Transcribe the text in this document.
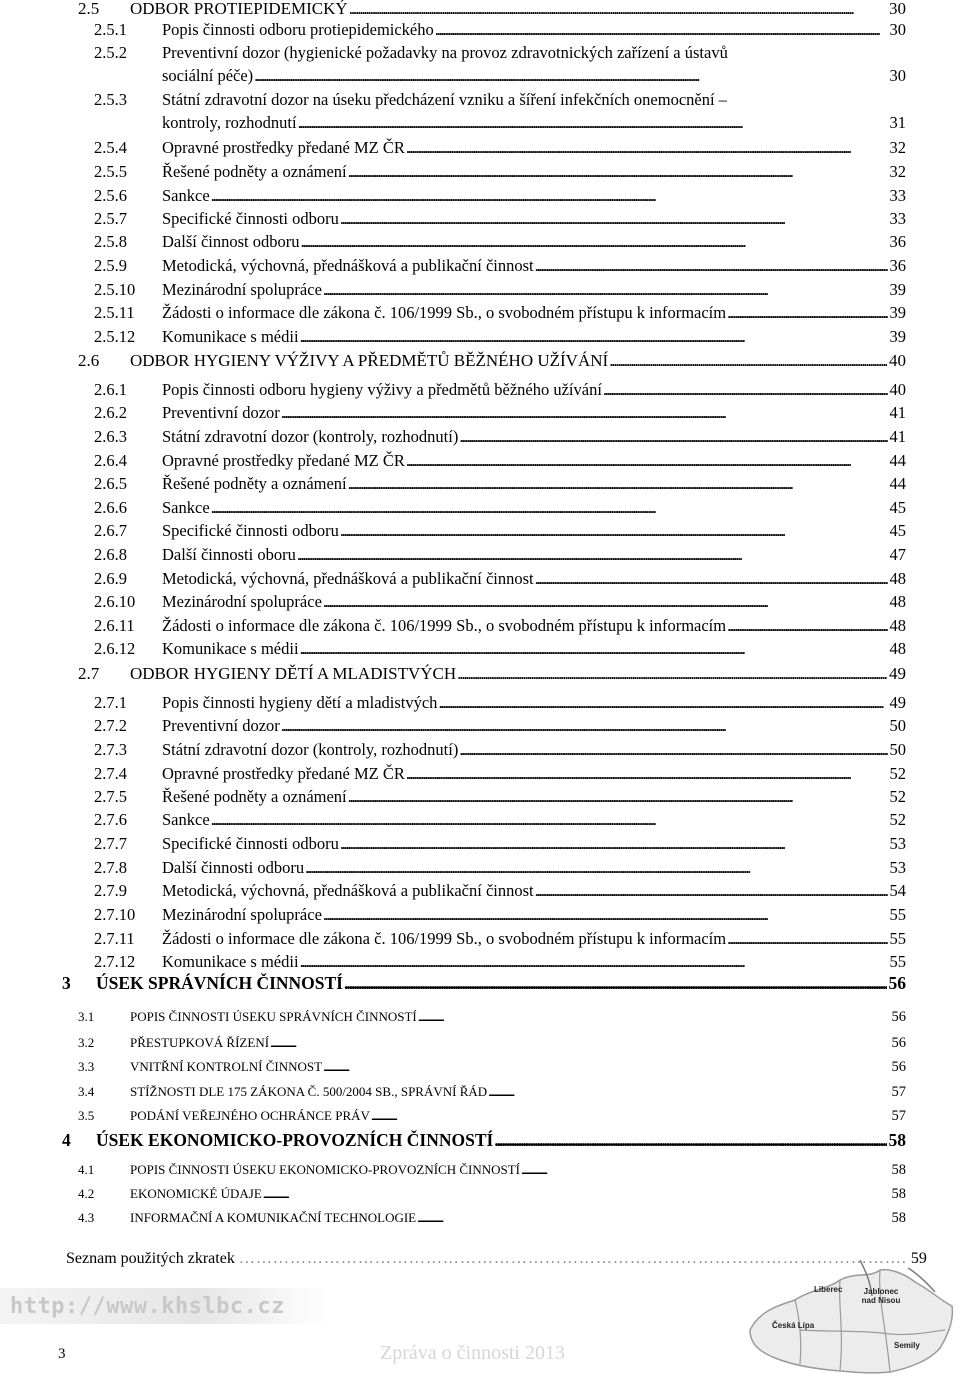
2.5	ODBOR PROTIEPIDEMICKÝ . . .	30
2.5.1	Popis činnosti odboru protiepidemického . . .	30
2.5.2	Preventivní dozor (hygienické požadavky na provoz zdravotnických zařízení a ústavů
sociální péče) . . .	30
2.5.3	Státní zdravotní dozor na úseku předcházení vzniku a šíření infekčních onemocnění –
kontroly, rozhodnutí . . .	31
2.5.4	Opravné prostředky předané MZ ČR . . .	32
2.5.5	Řešené podněty a oznámení . . .	32
2.5.6	Sankce . . .	33
2.5.7	Specifické činnosti odboru . . .	33
2.5.8	Další činnost odboru . . .	36
2.5.9	Metodická, výchovná, přednášková a publikační činnost . . .	36
2.5.10	Mezinárodní spolupráce . . .	39
2.5.11	Žádosti o informace dle zákona č. 106/1999 Sb., o svobodném přístupu k informacím . . .	39
2.5.12	Komunikace s médii . . .	39
2.6	ODBOR HYGIENY VÝŽIVY A PŘEDMĚTŮ BĚŽNÉHO UŽÍVÁNÍ . . .	40
2.6.1	Popis činnosti odboru hygieny výživy a předmětů běžného užívání . . .	40
2.6.2	Preventivní dozor . . .	41
2.6.3	Státní zdravotní dozor (kontroly, rozhodnutí) . . .	41
2.6.4	Opravné prostředky předané MZ ČR . . .	44
2.6.5	Řešené podněty a oznámení . . .	44
2.6.6	Sankce . . .	45
2.6.7	Specifické činnosti odboru . . .	45
2.6.8	Další činnosti oboru . . .	47
2.6.9	Metodická, výchovná, přednášková a publikační činnost . . .	48
2.6.10	Mezinárodní spolupráce . . .	48
2.6.11	Žádosti o informace dle zákona č. 106/1999 Sb., o svobodném přístupu k informacím . . .	48
2.6.12	Komunikace s médii . . .	48
2.7	ODBOR HYGIENY DĚTÍ A MLADISTVÝCH . . .	49
2.7.1	Popis činnosti hygieny dětí a mladistvých . . .	49
2.7.2	Preventivní dozor . . .	50
2.7.3	Státní zdravotní dozor (kontroly, rozhodnutí) . . .	50
2.7.4	Opravné prostředky předané MZ ČR . . .	52
2.7.5	Řešené podněty a oznámení . . .	52
2.7.6	Sankce . . .	52
2.7.7	Specifické činnosti odboru . . .	53
2.7.8	Další činnosti odboru . . .	53
2.7.9	Metodická, výchovná, přednášková a publikační činnost . . .	54
2.7.10	Mezinárodní spolupráce . . .	55
2.7.11	Žádosti o informace dle zákona č. 106/1999 Sb., o svobodném přístupu k informacím . . .	55
2.7.12	Komunikace s médii . . .	55
3	ÚSEK SPRÁVNÍCH ČINNOSTÍ . . .	56
3.1	POPIS ČINNOSTI ÚSEKU SPRÁVNÍCH ČINNOSTÍ . . .	56
3.2	PŘESTUPKOVÁ ŘÍZENÍ . . .	56
3.3	VNITŘNÍ KONTROLNÍ ČINNOST . . .	56
3.4	STÍŽNOSTI DLE 175 ZÁKONA Č. 500/2004 SB., SPRÁVNÍ ŘÁD . . .	57
3.5	PODÁNÍ VEŘEJNÉHO OCHRÁNCE PRÁV . . .	57
4	ÚSEK EKONOMICKO-PROVOZNÍCH ČINNOSTÍ . . .	58
4.1	POPIS ČINNOSTI ÚSEKU EKONOMICKO-PROVOZNÍCH ČINNOSTÍ . . .	58
4.2	EKONOMICKÉ ÚDAJE . . .	58
4.3	INFORMAČNÍ A KOMUNIKAČNÍ TECHNOLOGIE . . .	58
Seznam použitých zkratek ………………………………………………………………………………………………………. 59
http://www.khslbc.cz
3	Zpráva o činnosti 2013
Liberec	Jablonec nad Nisou
Česká Lípa
Semily
